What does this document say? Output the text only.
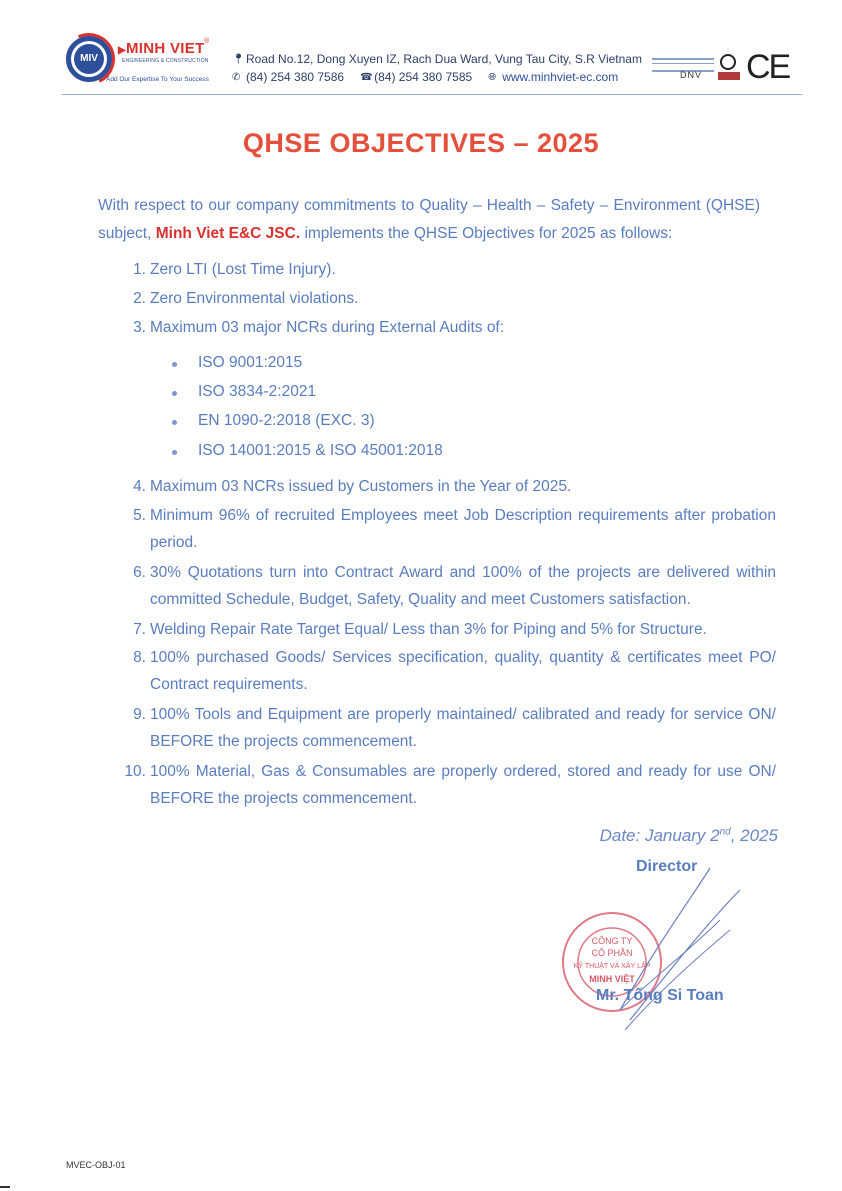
MIV
▶MINH VIET ®
ENGINEERING & CONSTRUCTION
Add Our Expertise To Your Success
📍︎ Road No.12, Dong Xuyen IZ, Rach Dua Ward, Vung Tau City, S.R Vietnam
✆ (84) 254 380 7586 ☎ (84) 254 380 7585 🌐︎ www.minhviet-ec.com	DNV CE
QHSE OBJECTIVES – 2025
With respect to our company commitments to Quality – Health – Safety – Environment (QHSE) subject, Minh Viet E&C JSC. implements the QHSE Objectives for 2025 as follows:
1. Zero LTI (Lost Time Injury).
2. Zero Environmental violations.
3. Maximum 03 major NCRs during External Audits of:
ISO 9001:2015
ISO 3834-2:2021
EN 1090-2:2018 (EXC. 3)
ISO 14001:2015 & ISO 45001:2018
4. Maximum 03 NCRs issued by Customers in the Year of 2025.
5. Minimum 96% of recruited Employees meet Job Description requirements after probation period.
6. 30% Quotations turn into Contract Award and 100% of the projects are delivered within committed Schedule, Budget, Safety, Quality and meet Customers satisfaction.
7. Welding Repair Rate Target Equal/ Less than 3% for Piping and 5% for Structure.
8. 100% purchased Goods/ Services specification, quality, quantity & certificates meet PO/ Contract requirements.
9. 100% Tools and Equipment are properly maintained/ calibrated and ready for service ON/ BEFORE the projects commencement.
10. 100% Material, Gas & Consumables are properly ordered, stored and ready for use ON/ BEFORE the projects commencement.
Date: January 2nd, 2025
Director
CÔNG TY
CỔ PHẦN
KỸ THUẬT VÀ XÂY LẮP
MINH VIỆT
Mr. Tống Si Toan
MVEC-OBJ-01
